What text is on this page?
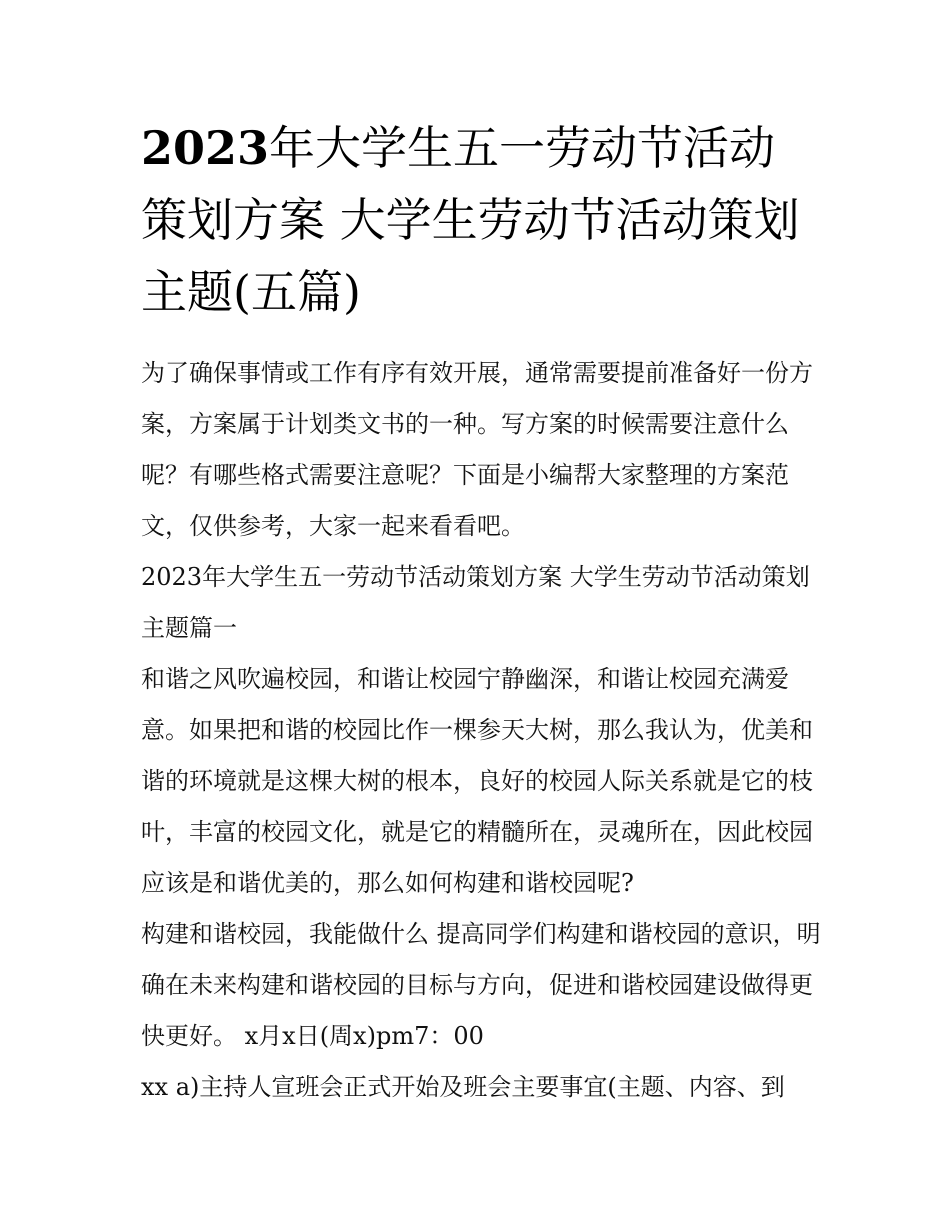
2023年大学生五一劳动节活动策划方案 大学生劳动节活动策划主题(五篇)

为了确保事情或工作有序有效开展，通常需要提前准备好一份方案，方案属于计划类文书的一种。写方案的时候需要注意什么呢？有哪些格式需要注意呢？下面是小编帮大家整理的方案范文，仅供参考，大家一起来看看吧。

2023年大学生五一劳动节活动策划方案 大学生劳动节活动策划主题篇一

和谐之风吹遍校园，和谐让校园宁静幽深，和谐让校园充满爱意。如果把和谐的校园比作一棵参天大树，那么我认为，优美和谐的环境就是这棵大树的根本，良好的校园人际关系就是它的枝叶，丰富的校园文化，就是它的精髓所在，灵魂所在，因此校园应该是和谐优美的，那么如何构建和谐校园呢?

构建和谐校园，我能做什么 提高同学们构建和谐校园的意识，明确在未来构建和谐校园的目标与方向，促进和谐校园建设做得更快更好。 x月x日(周x)pm7：00

xx a)主持人宣班会正式开始及班会主要事宜(主题、内容、到
